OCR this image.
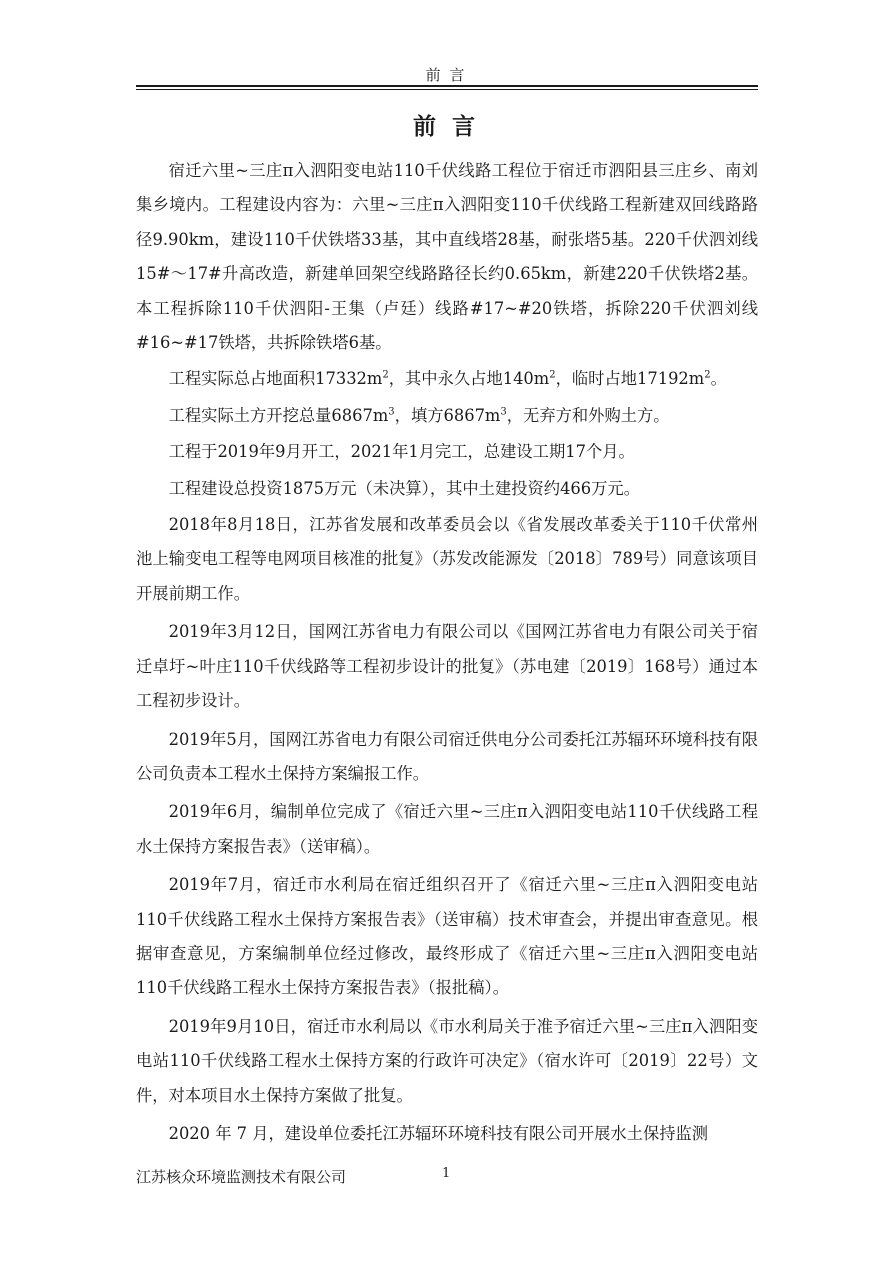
前 言
前 言

宿迁六里~三庄π入泗阳变电站110千伏线路工程位于宿迁市泗阳县三庄乡、南刘集乡境内。工程建设内容为：六里~三庄π入泗阳变110千伏线路工程新建双回线路路径9.90km，建设110千伏铁塔33基，其中直线塔28基，耐张塔5基。220千伏泗刘线15#～17#升高改造，新建单回架空线路路径长约0.65km，新建220千伏铁塔2基。本工程拆除110千伏泗阳-王集（卢廷）线路#17~#20铁塔，拆除220千伏泗刘线#16~#17铁塔，共拆除铁塔6基。

工程实际总占地面积$17332m^2$，其中永久占地$140m^2$，临时占地$17192m^2$。

工程实际土方开挖总量$6867m^3$，填方$6867m^3$，无弃方和外购土方。

工程于2019年9月开工，2021年1月完工，总建设工期17个月。

工程建设总投资1875万元（未决算），其中土建投资约466万元。

2018年8月18日，江苏省发展和改革委员会以《省发展改革委关于110千伏常州池上输变电工程等电网项目核准的批复》（苏发改能源发〔2018〕789号）同意该项目开展前期工作。

2019年3月12日，国网江苏省电力有限公司以《国网江苏省电力有限公司关于宿迁卓圩~叶庄110千伏线路等工程初步设计的批复》（苏电建〔2019〕168号）通过本工程初步设计。

2019年5月，国网江苏省电力有限公司宿迁供电分公司委托江苏辐环环境科技有限公司负责本工程水土保持方案编报工作。

2019年6月，编制单位完成了《宿迁六里~三庄π入泗阳变电站110千伏线路工程水土保持方案报告表》（送审稿）。

2019年7月，宿迁市水利局在宿迁组织召开了《宿迁六里~三庄π入泗阳变电站110千伏线路工程水土保持方案报告表》（送审稿）技术审查会，并提出审查意见。根据审查意见，方案编制单位经过修改，最终形成了《宿迁六里~三庄π入泗阳变电站110千伏线路工程水土保持方案报告表》（报批稿）。

2019年9月10日，宿迁市水利局以《市水利局关于准予宿迁六里~三庄π入泗阳变电站110千伏线路工程水土保持方案的行政许可决定》（宿水许可〔2019〕22号）文件，对本项目水土保持方案做了批复。

2020 年 7 月，建设单位委托江苏辐环环境科技有限公司开展水土保持监测

江苏核众环境监测技术有限公司	1
